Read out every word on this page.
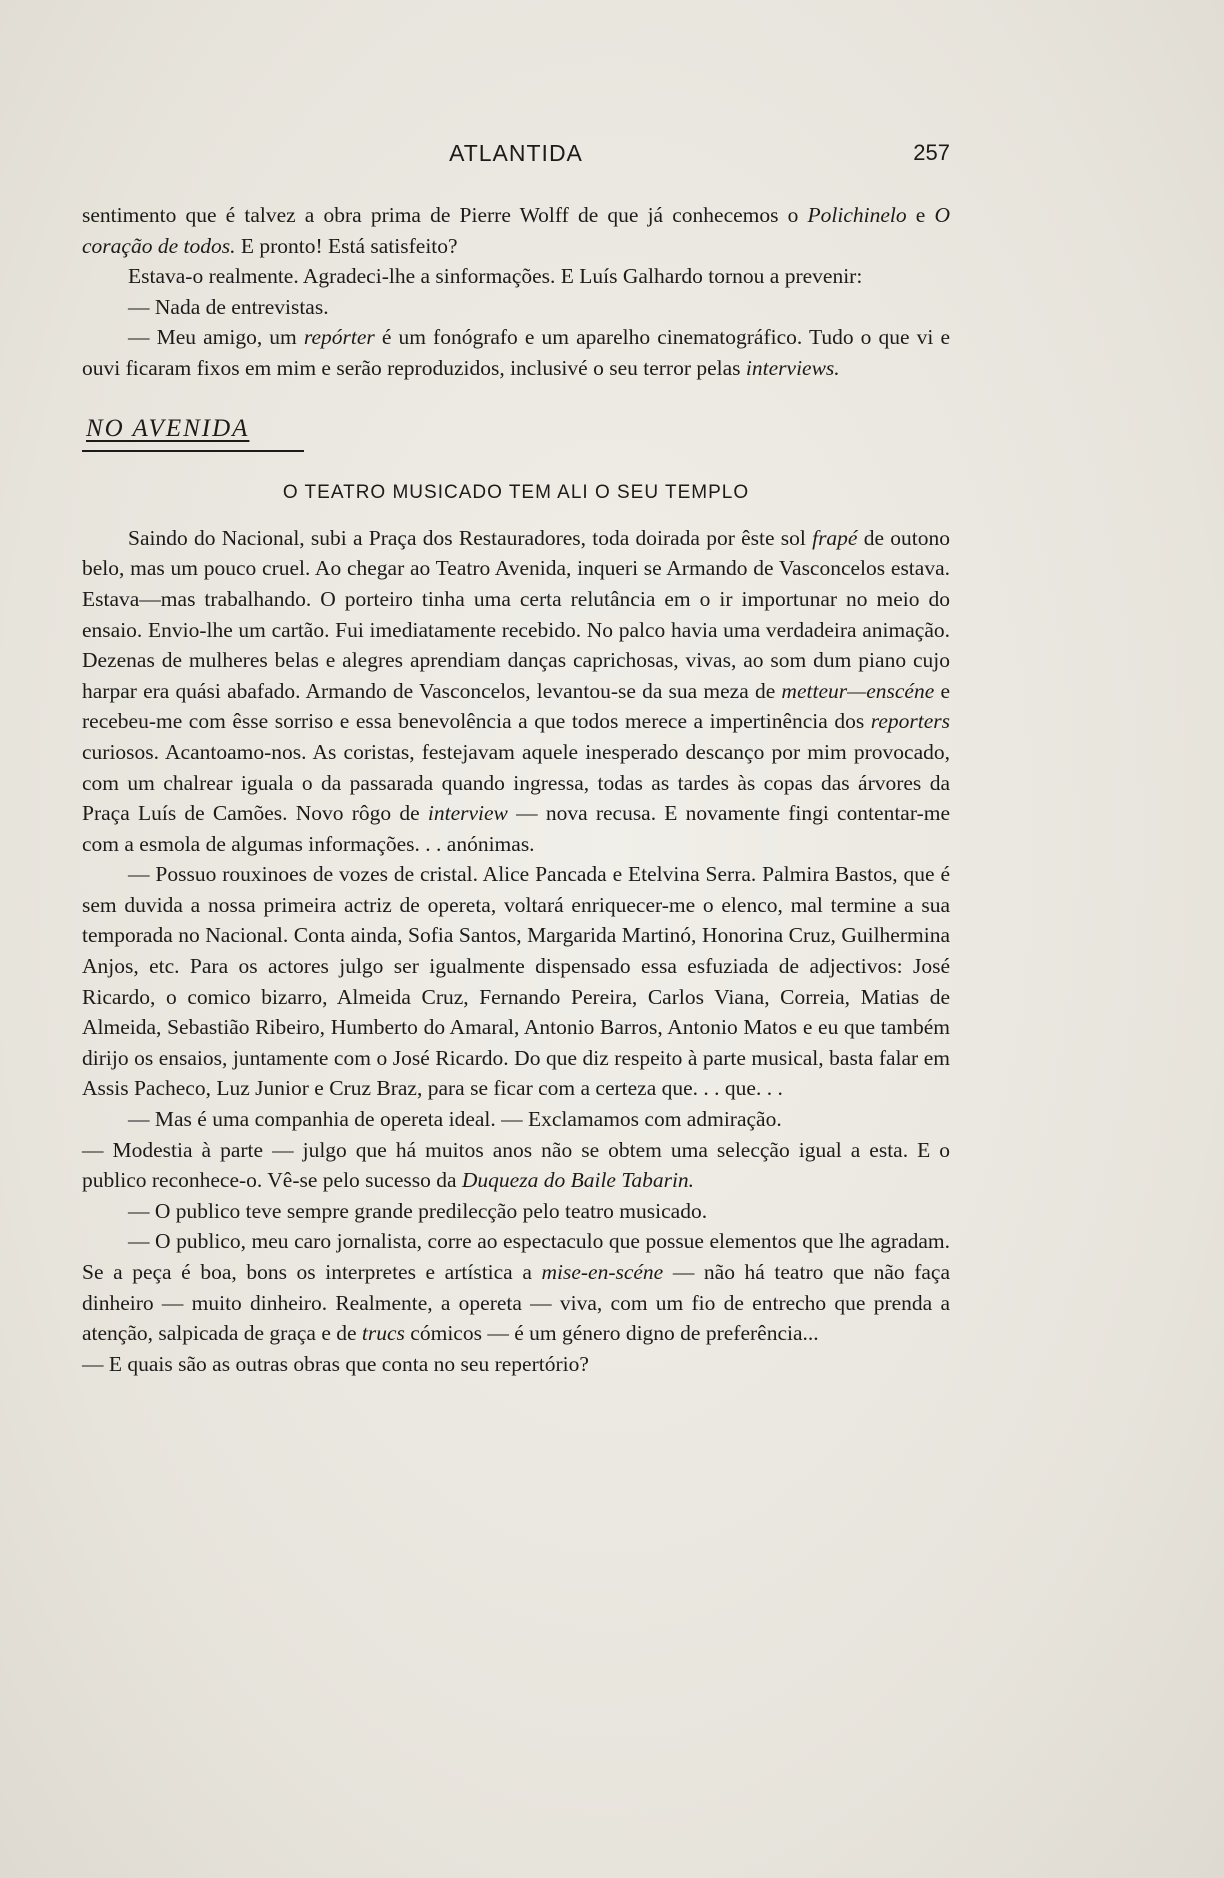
ATLANTIDA	257

sentimento que é talvez a obra prima de Pierre Wolff de que já conhecemos o Polichinelo e O coração de todos. E pronto! Está satisfeito?

Estava-o realmente. Agradeci-lhe a sinformações. E Luís Galhardo tornou a prevenir:

— Nada de entrevistas.

— Meu amigo, um repórter é um fonógrafo e um aparelho cinematográfico. Tudo o que vi e ouvi ficaram fixos em mim e serão reproduzidos, inclusivé o seu terror pelas interviews.

NO AVENIDA
O TEATRO MUSICADO TEM ALI O SEU TEMPLO

Saindo do Nacional, subi a Praça dos Restauradores, toda doirada por êste sol frapé de outono belo, mas um pouco cruel. Ao chegar ao Teatro Avenida, inqueri se Armando de Vasconcelos estava. Estava—mas trabalhando. O porteiro tinha uma certa relutância em o ir importunar no meio do ensaio. Envio-lhe um cartão. Fui imediatamente recebido. No palco havia uma verdadeira animação. Dezenas de mulheres belas e alegres aprendiam danças caprichosas, vivas, ao som dum piano cujo harpar era quási abafado. Armando de Vasconcelos, levantou-se da sua meza de metteur—enscéne e recebeu-me com êsse sorriso e essa benevolência a que todos merece a impertinência dos reporters curiosos. Acantoamo-nos. As coristas, festejavam aquele inesperado descanço por mim provocado, com um chalrear iguala o da passarada quando ingressa, todas as tardes às copas das árvores da Praça Luís de Camões. Novo rôgo de interview — nova recusa. E novamente fingi contentar-me com a esmola de algumas informações. . . anónimas.

— Possuo rouxinoes de vozes de cristal. Alice Pancada e Etelvina Serra. Palmira Bastos, que é sem duvida a nossa primeira actriz de opereta, voltará enriquecer-me o elenco, mal termine a sua temporada no Nacional. Conta ainda, Sofia Santos, Margarida Martinó, Honorina Cruz, Guilhermina Anjos, etc. Para os actores julgo ser igualmente dispensado essa esfuziada de adjectivos: José Ricardo, o comico bizarro, Almeida Cruz, Fernando Pereira, Carlos Viana, Correia, Matias de Almeida, Sebastião Ribeiro, Humberto do Amaral, Antonio Barros, Antonio Matos e eu que também dirijo os ensaios, juntamente com o José Ricardo. Do que diz respeito à parte musical, basta falar em Assis Pacheco, Luz Junior e Cruz Braz, para se ficar com a certeza que. . . que. . .

— Mas é uma companhia de opereta ideal. — Exclamamos com admiração.

— Modestia à parte — julgo que há muitos anos não se obtem uma selecção igual a esta. E o publico reconhece-o. Vê-se pelo sucesso da Duqueza do Baile Tabarin.

— O publico teve sempre grande predilecção pelo teatro musicado.

— O publico, meu caro jornalista, corre ao espectaculo que possue elementos que lhe agradam. Se a peça é boa, bons os interpretes e artística a mise-en-scéne — não há teatro que não faça dinheiro — muito dinheiro. Realmente, a opereta — viva, com um fio de entrecho que prenda a atenção, salpicada de graça e de trucs cómicos — é um género digno de preferência...

— E quais são as outras obras que conta no seu repertório?
